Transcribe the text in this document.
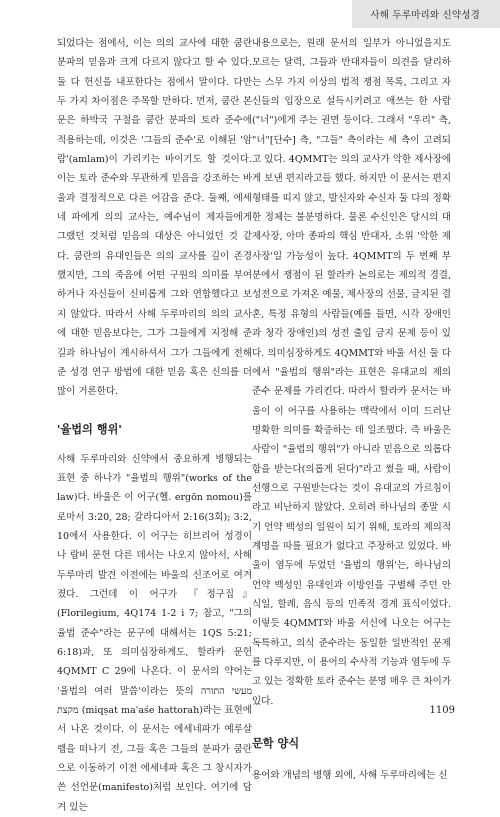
사해 두루마리와 신약성경

되었다는 점에서, 이는 의의 교사에 대한 쿰란 분파의 믿음과 크게 다르지 않다고 할 수 있다. 둘 다 헌신을 내포한다는 점에서 말이다. 다만 두 가지 차이점은 주목할 만하다. 먼저, 쿰란 본문은 하박국 구절을 쿰란 분파의 토라 준수에 적용하는데, 이것은 '그들의 준수'로 이해된 '암 람'(amlam)이 가리키는 바이기도 할 것이다. 이는 토라 준수와 무관하게 믿음을 강조하는 바울과 결정적으로 다른 어감을 준다. 둘째, 에세네 파에게 의의 교사는, 예수님이 제자들에게 그랬던 것처럼 믿음의 대상은 아니었던 것 같다. 쿰란의 유대인들은 의의 교사를 깊이 존경했지만, 그의 죽음에 어떤 구원의 의미를 부여하거나 자신들이 신비롭게 그와 연합했다고 보지 않았다. 따라서 사해 두루마리의 의의 교사에 대한 믿음보다는, 그가 그들에게 지정해 준 길과 하나님이 계시하셔서 그가 그들에게 전해 준 성경 연구 방법에 대한 믿음 혹은 신의를 더 많이 거론한다.

'율법의 행위'

사해 두루마리와 신약에서 중요하게 병행되는 표현 중 하나가 "율법의 행위"(works of the law)다. 바울은 이 어구(헬. ergōn nomou)를 로마서 3:20, 28; 갈라디아서 2:16(3회); 3:2, 10에서 사용한다. 이 어구는 히브리어 성경이나 랍비 문헌 다른 데서는 나오지 않아서, 사해 두루마리 발견 이전에는 바울의 신조어로 여겨졌다. 그런데 이 어구가 『정구집』(Florilegium, 4Q174 1-2 i 7; 참고, "그의 율법 준수"라는 문구에 대해서는 1QS 5:21; 6:18)과, 또 의미심장하게도, 할라카 문헌 4QMMT C 29에 나온다. 이 문서의 약어는 '율법의 여러 말씀'이라는 뜻의 מעשי התורה מקצת (miqṣat ma'aśe hattorah)라는 표현에서 나온 것이다. 이 문서는 에세네파가 예루살렘을 떠나기 전, 그들 혹은 그들의 분파가 쿰란으로 이동하기 이전 에세네파 혹은 그 창시자가 쓴 선언문(manifesto)처럼 보인다. 여기에 담겨 있는

내용으로는, 원래 문서의 일부가 아니었을지도 모르는 달력, 그들과 반대자들이 의견을 달리하는 스무 가지 이상의 법적 쟁점 목록, 그리고 자신들의 입장으로 설득시키려고 애쓰는 한 사람("너")에게 주는 권면 등이다. 그래서 "우리" 측, "너"[단수] 측, "그들" 측이라는 세 측이 고려되고 있다. 4QMMT는 의의 교사가 악한 제사장에게 보낸 편지라고들 했다. 하지만 이 문서는 편지 형태를 띠지 않고, 발신자와 수신자 둘 다의 정확한 정체는 불분명하다. 물론 수신인은 당시의 대제사장, 아마 종파의 핵심 반대자, 소위 '악한 제사장'일 가능성이 높다. 4QMMT의 두 번째 부분에서 쟁점이 된 할라카 논의로는 제의적 경결, 성전으로 가져온 예물, 제사장의 선물, 금지된 결혼, 특정 유형의 사람들(예를 들면, 시각 장애인과 청각 장애인)의 성전 출입 금지 문제 등이 있다. 의미심장하게도 4QMMT와 바울 서신 둘 다에서 "율법의 행위"라는 표현은 유대교의 제의 준수 문제를 가리킨다. 따라서 할라카 문서는 바울이 이 어구를 사용하는 맥락에서 이미 드러난 명확한 의미를 확증하는 데 일조했다. 즉 바울은 사람이 "율법의 행위"가 아니라 믿음으로 의롭다 함을 받는다(의롭게 된다)"라고 썼을 때, 사람이 선행으로 구원받는다는 것이 유대교의 가르침이라고 비난하지 않았다. 오히려 하나님의 종말 시기 언약 백성의 일원이 되기 위해, 토라의 제의적 계명을 따를 필요가 없다고 주장하고 있었다. 바울이 염두에 두었던 '율법의 행위'는, 하나님의 언약 백성인 유대인과 이방인을 구별해 주던 안식일, 할례, 음식 등의 민족적 경계 표식이었다. 이렇듯 4QMMT와 바울 서신에 나오는 어구는 독특하고, 의식 준수라는 동일한 일반적인 문제를 다루지만, 이 용어의 수사적 기능과 염두에 두고 있는 정확한 토라 준수는 분명 매우 큰 차이가 있다.

문학 양식

용어와 개념의 병행 외에, 사해 두루마리에는 신

1109
